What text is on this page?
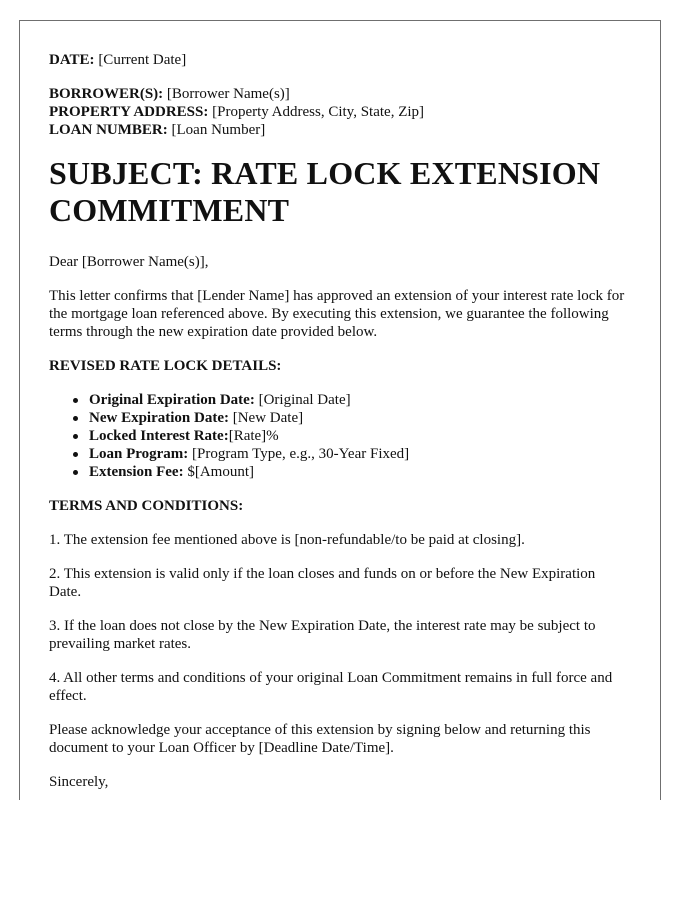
DATE: [Current Date]

BORROWER(S): [Borrower Name(s)]

PROPERTY ADDRESS: [Property Address, City, State, Zip]

LOAN NUMBER: [Loan Number]

SUBJECT: RATE LOCK EXTENSION COMMITMENT

Dear [Borrower Name(s)],

This letter confirms that [Lender Name] has approved an extension of your interest rate lock for the mortgage loan referenced above. By executing this extension, we guarantee the following terms through the new expiration date provided below.

REVISED RATE LOCK DETAILS:

Original Expiration Date: [Original Date]
New Expiration Date: [New Date]
Locked Interest Rate:[Rate]%
Loan Program: [Program Type, e.g., 30-Year Fixed]
Extension Fee: $[Amount]

TERMS AND CONDITIONS:

1. The extension fee mentioned above is [non-refundable/to be paid at closing].

2. This extension is valid only if the loan closes and funds on or before the New Expiration Date.

3. If the loan does not close by the New Expiration Date, the interest rate may be subject to prevailing market rates.

4. All other terms and conditions of your original Loan Commitment remains in full force and effect.

Please acknowledge your acceptance of this extension by signing below and returning this document to your Loan Officer by [Deadline Date/Time].

Sincerely,
